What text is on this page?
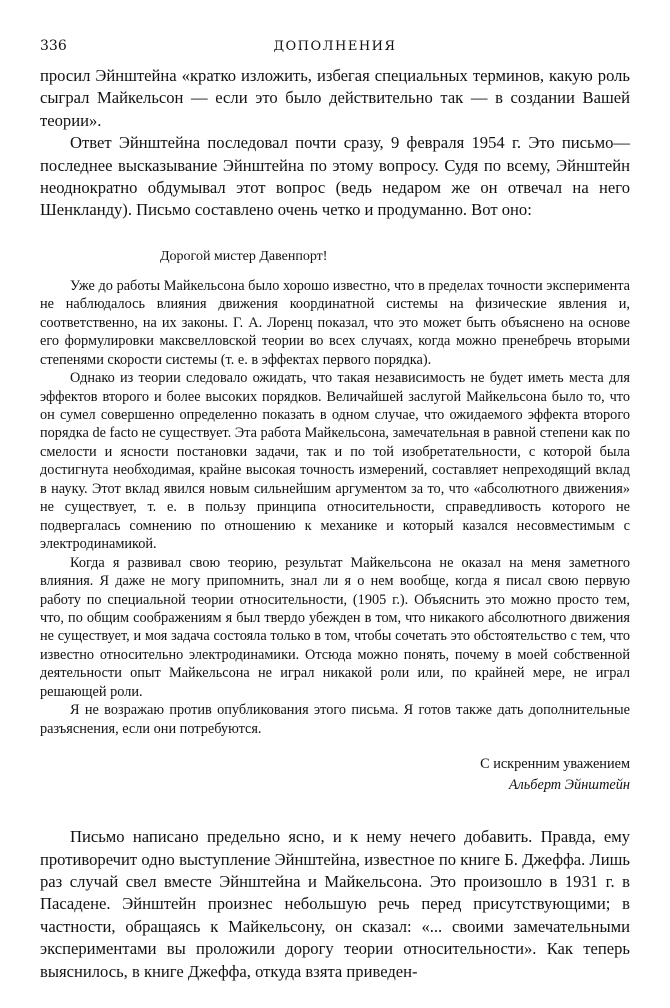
336	ДОПОЛНЕНИЯ

просил Эйнштейна «кратко изложить, избегая специальных терминов, какую роль сыграл Майкельсон — если это было действительно так — в создании Вашей теории».

Ответ Эйнштейна последовал почти сразу, 9 февраля 1954 г. Это письмо—последнее высказывание Эйнштейна по этому вопросу. Судя по всему, Эйнштейн неоднократно обдумывал этот вопрос (ведь недаром же он отвечал на него Шенкланду). Письмо составлено очень четко и продуманно. Вот оно:

Дорогой мистер Давенпорт!

Уже до работы Майкельсона было хорошо известно, что в пределах точности эксперимента не наблюдалось влияния движения координатной системы на физические явления и, соответственно, на их законы. Г. А. Лоренц показал, что это может быть объяснено на основе его формулировки максвелловской теории во всех случаях, когда можно пренебречь вторыми степенями скорости системы (т. е. в эффектах первого порядка).

Однако из теории следовало ожидать, что такая независимость не будет иметь места для эффектов второго и более высоких порядков. Величайшей заслугой Майкельсона было то, что он сумел совершенно определенно показать в одном случае, что ожидаемого эффекта второго порядка de facto не существует. Эта работа Майкельсона, замечательная в равной степени как по смелости и ясности постановки задачи, так и по той изобретательности, с которой была достигнута необходимая, крайне высокая точность измерений, составляет непреходящий вклад в науку. Этот вклад явился новым сильнейшим аргументом за то, что «абсолютного движения» не существует, т. е. в пользу принципа относительности, справедливость которого не подвергалась сомнению по отношению к механике и который казался несовместимым с электродинамикой.

Когда я развивал свою теорию, результат Майкельсона не оказал на меня заметного влияния. Я даже не могу припомнить, знал ли я о нем вообще, когда я писал свою первую работу по специальной теории относительности, (1905 г.). Объяснить это можно просто тем, что, по общим соображениям я был твердо убежден в том, что никакого абсолютного движения не существует, и моя задача состояла только в том, чтобы сочетать это обстоятельство с тем, что известно относительно электродинамики. Отсюда можно понять, почему в моей собственной деятельности опыт Майкельсона не играл никакой роли или, по крайней мере, не играл решающей роли.

Я не возражаю против опубликования этого письма. Я готов также дать дополнительные разъяснения, если они потребуются.

С искренним уважением
Альберт Эйнштейн

Письмо написано предельно ясно, и к нему нечего добавить. Правда, ему противоречит одно выступление Эйнштейна, известное по книге Б. Джеффа. Лишь раз случай свел вместе Эйнштейна и Майкельсона. Это произошло в 1931 г. в Пасадене. Эйнштейн произнес небольшую речь перед присутствующими; в частности, обращаясь к Майкельсону, он сказал: «... своими замечательными экспериментами вы проложили дорогу теории относительности». Как теперь выяснилось, в книге Джеффа, откуда взята приведен-
